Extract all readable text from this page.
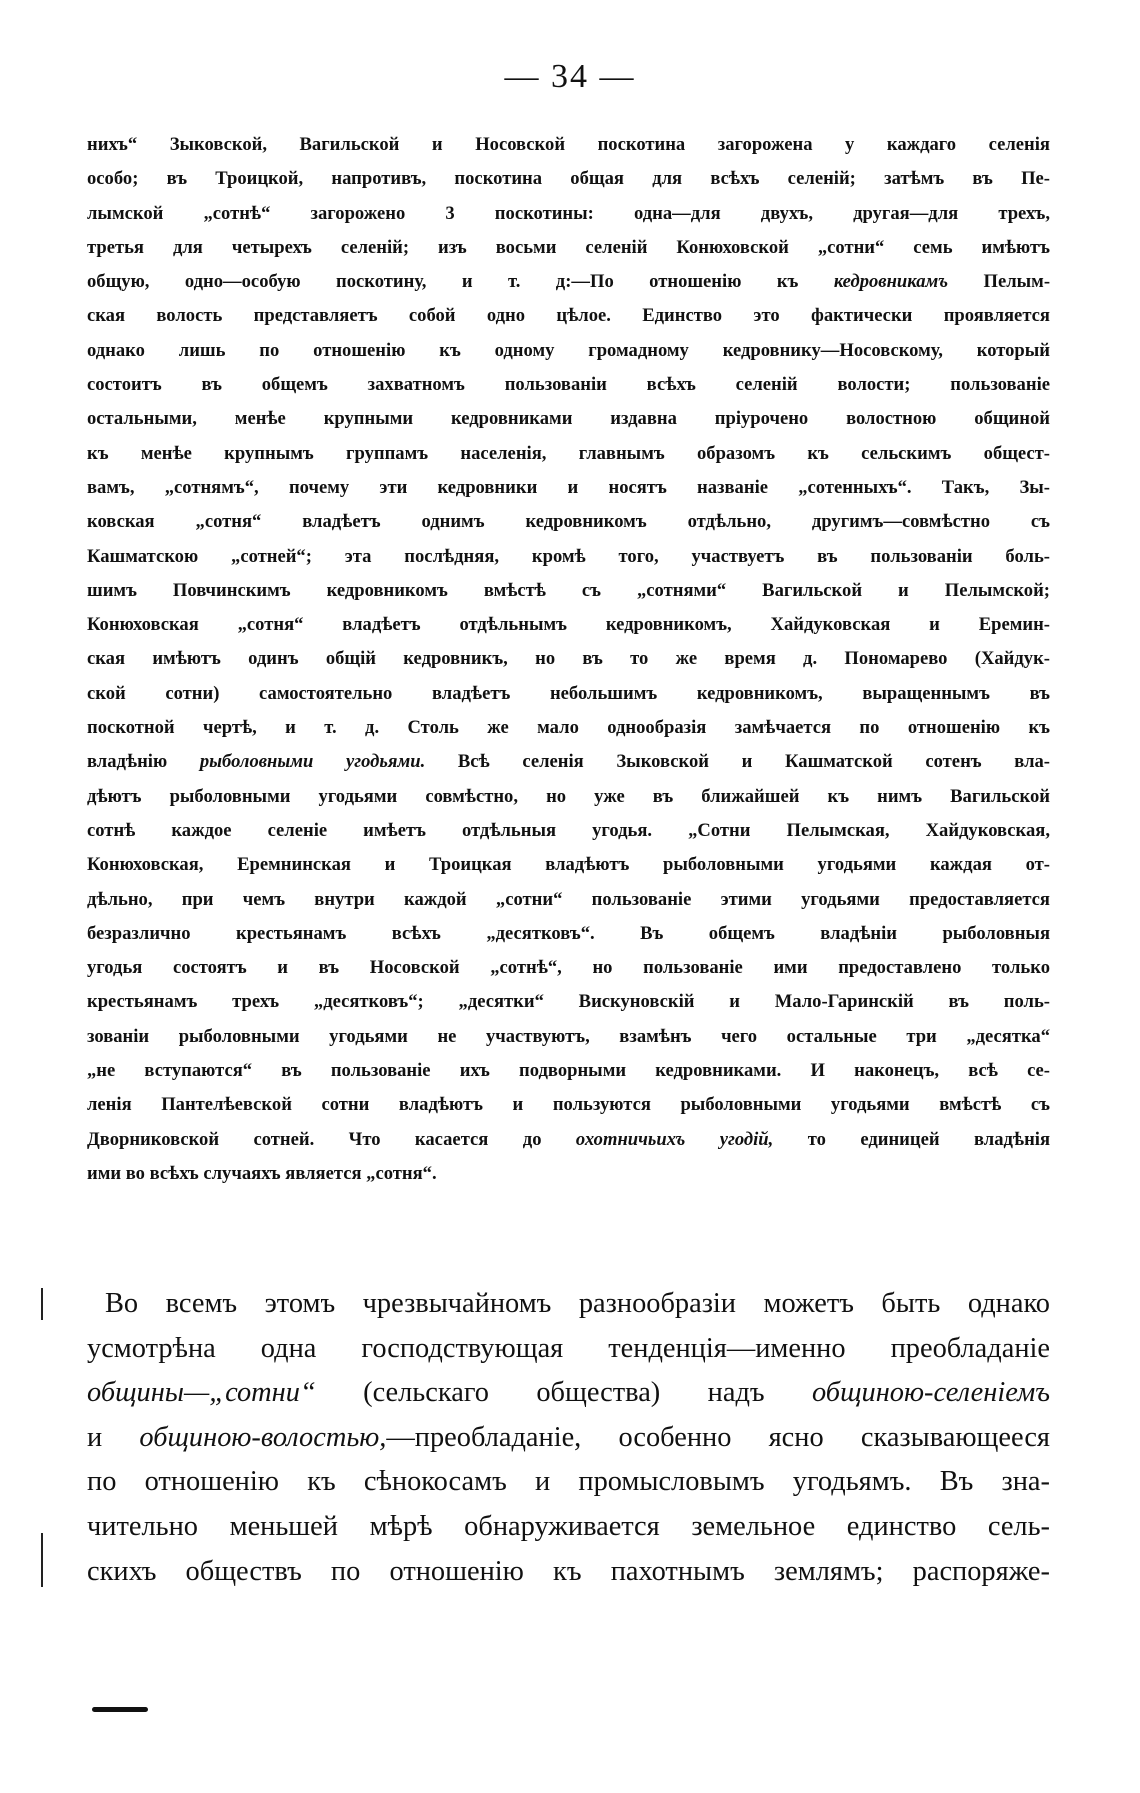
— 34 —
нихъ“ Зыковской, Вагильской и Носовской поскотина загорожена у каждаго селенія
особо; въ Троицкой, напротивъ, поскотина общая для всѣхъ селеній; затѣмъ въ Пе-
лымской „сотнѣ“ загорожено 3 поскотины: одна—для двухъ, другая—для трехъ,
третья для четырехъ селеній; изъ восьми селеній Конюховской „сотни“ семь имѣютъ
общую, одно—особую поскотину, и т. д:—По отношенію къ кедровникамъ Пелым-
ская волость представляетъ собой одно цѣлое. Единство это фактически проявляется
однако лишь по отношенію къ одному громадному кедровнику—Носовскому, который
состоитъ въ общемъ захватномъ пользованіи всѣхъ селеній волости; пользованіе
остальными, менѣе крупными кедровниками издавна пріурочено волостною общиной
къ менѣе крупнымъ группамъ населенія, главнымъ образомъ къ сельскимъ общест-
вамъ, „сотнямъ“, почему эти кедровники и носятъ названіе „сотенныхъ“. Такъ, Зы-
ковская „сотня“ владѣетъ однимъ кедровникомъ отдѣльно, другимъ—совмѣстно съ
Кашматскою „сотней“; эта послѣдняя, кромѣ того, участвуетъ въ пользованіи боль-
шимъ Повчинскимъ кедровникомъ вмѣстѣ съ „сотнями“ Вагильской и Пелымской;
Конюховская „сотня“ владѣетъ отдѣльнымъ кедровникомъ, Хайдуковская и Еремин-
ская имѣютъ одинъ общій кедровникъ, но въ то же время д. Пономарево (Хайдук-
ской сотни) самостоятельно владѣетъ небольшимъ кедровникомъ, выращеннымъ въ
поскотной чертѣ, и т. д. Столь же мало однообразія замѣчается по отношенію къ
владѣнію рыболовными угодьями. Всѣ селенія Зыковской и Кашматской сотенъ вла-
дѣютъ рыболовными угодьями совмѣстно, но уже въ ближайшей къ нимъ Вагильской
сотнѣ каждое селеніе имѣетъ отдѣльныя угодья. „Сотни Пелымская, Хайдуковская,
Конюховская, Еремнинская и Троицкая владѣютъ рыболовными угодьями каждая от-
дѣльно, при чемъ внутри каждой „сотни“ пользованіе этими угодьями предоставляется
безразлично крестьянамъ всѣхъ „десятковъ“. Въ общемъ владѣніи рыболовныя
угодья состоятъ и въ Носовской „сотнѣ“, но пользованіе ими предоставлено только
крестьянамъ трехъ „десятковъ“; „десятки“ Вискуновскій и Мало-Гаринскій въ поль-
зованіи рыболовными угодьями не участвуютъ, взамѣнъ чего остальные три „десятка“
„не вступаются“ въ пользованіе ихъ подворными кедровниками. И наконецъ, всѣ се-
ленія Пантелѣевской сотни владѣютъ и пользуются рыболовными угодьями вмѣстѣ съ
Дворниковской сотней. Что касается до охотничьихъ угодій, то единицей владѣнія
ими во всѣхъ случаяхъ является „сотня“.
Во всемъ этомъ чрезвычайномъ разнообразіи можетъ быть однако
усмотрѣна одна господствующая тенденція—именно преобладаніе
общины—„сотни“ (сельскаго общества) надъ общиною-селеніемъ
и общиною-волостью,—преобладаніе, особенно ясно сказывающееся
по отношенію къ сѣнокосамъ и промысловымъ угодьямъ. Въ зна-
чительно меньшей мѣрѣ обнаруживается земельное единство сель-
скихъ обществъ по отношенію къ пахотнымъ землямъ; распоряже-
